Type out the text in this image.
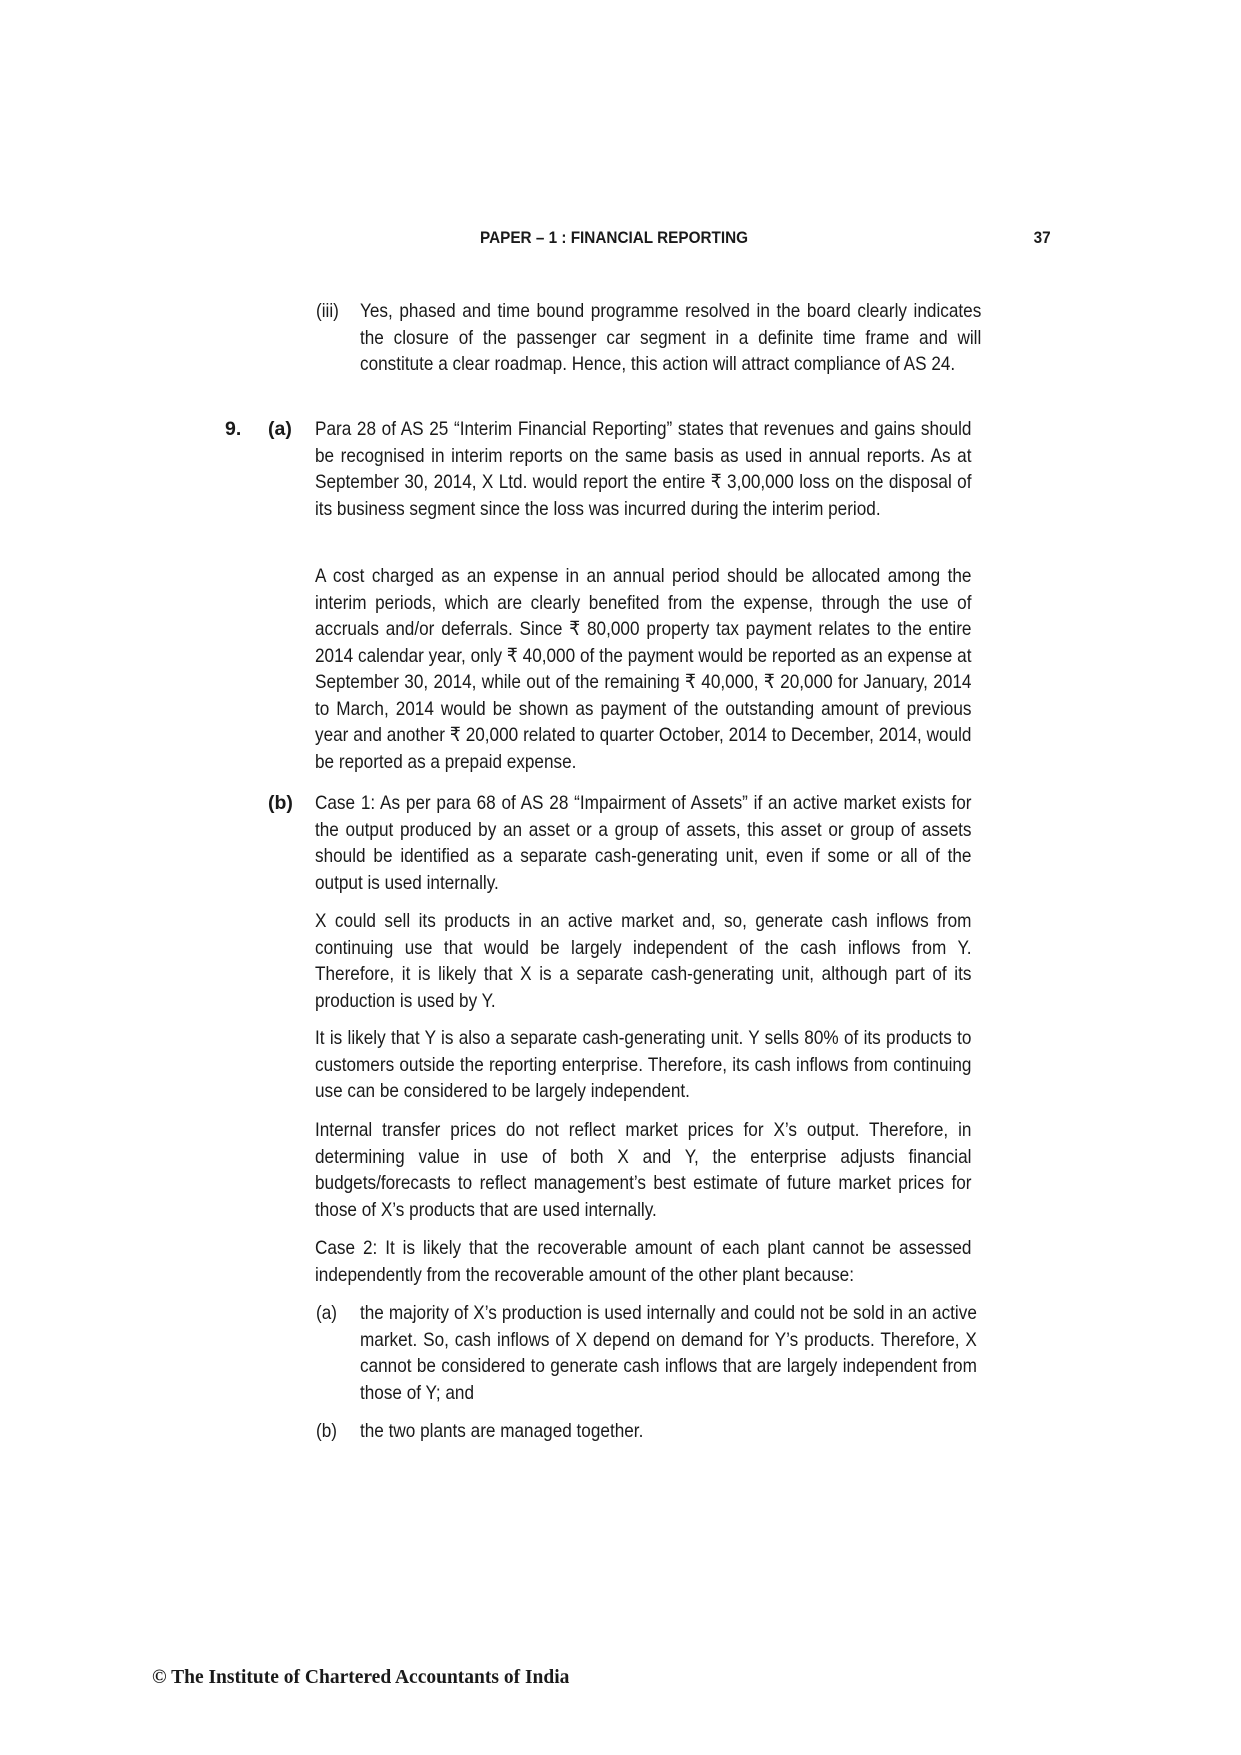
PAPER – 1 : FINANCIAL REPORTING	37
(iii) Yes, phased and time bound programme resolved in the board clearly indicates the closure of the passenger car segment in a definite time frame and will constitute a clear roadmap. Hence, this action will attract compliance of AS 24.
9. (a) Para 28 of AS 25 “Interim Financial Reporting” states that revenues and gains should be recognised in interim reports on the same basis as used in annual reports. As at September 30, 2014, X Ltd. would report the entire ₹ 3,00,000 loss on the disposal of its business segment since the loss was incurred during the interim period.
A cost charged as an expense in an annual period should be allocated among the interim periods, which are clearly benefited from the expense, through the use of accruals and/or deferrals. Since ₹ 80,000 property tax payment relates to the entire 2014 calendar year, only ₹ 40,000 of the payment would be reported as an expense at September 30, 2014, while out of the remaining ₹ 40,000, ₹ 20,000 for January, 2014 to March, 2014 would be shown as payment of the outstanding amount of previous year and another ₹ 20,000 related to quarter October, 2014 to December, 2014, would be reported as a prepaid expense.
(b) Case 1: As per para 68 of AS 28 “Impairment of Assets” if an active market exists for the output produced by an asset or a group of assets, this asset or group of assets should be identified as a separate cash-generating unit, even if some or all of the output is used internally.
X could sell its products in an active market and, so, generate cash inflows from continuing use that would be largely independent of the cash inflows from Y. Therefore, it is likely that X is a separate cash-generating unit, although part of its production is used by Y.
It is likely that Y is also a separate cash-generating unit. Y sells 80% of its products to customers outside the reporting enterprise. Therefore, its cash inflows from continuing use can be considered to be largely independent.
Internal transfer prices do not reflect market prices for X’s output. Therefore, in determining value in use of both X and Y, the enterprise adjusts financial budgets/forecasts to reflect management’s best estimate of future market prices for those of X’s products that are used internally.
Case 2: It is likely that the recoverable amount of each plant cannot be assessed independently from the recoverable amount of the other plant because:
(a) the majority of X’s production is used internally and could not be sold in an active market. So, cash inflows of X depend on demand for Y’s products. Therefore, X cannot be considered to generate cash inflows that are largely independent from those of Y; and
(b) the two plants are managed together.
© The Institute of Chartered Accountants of India
